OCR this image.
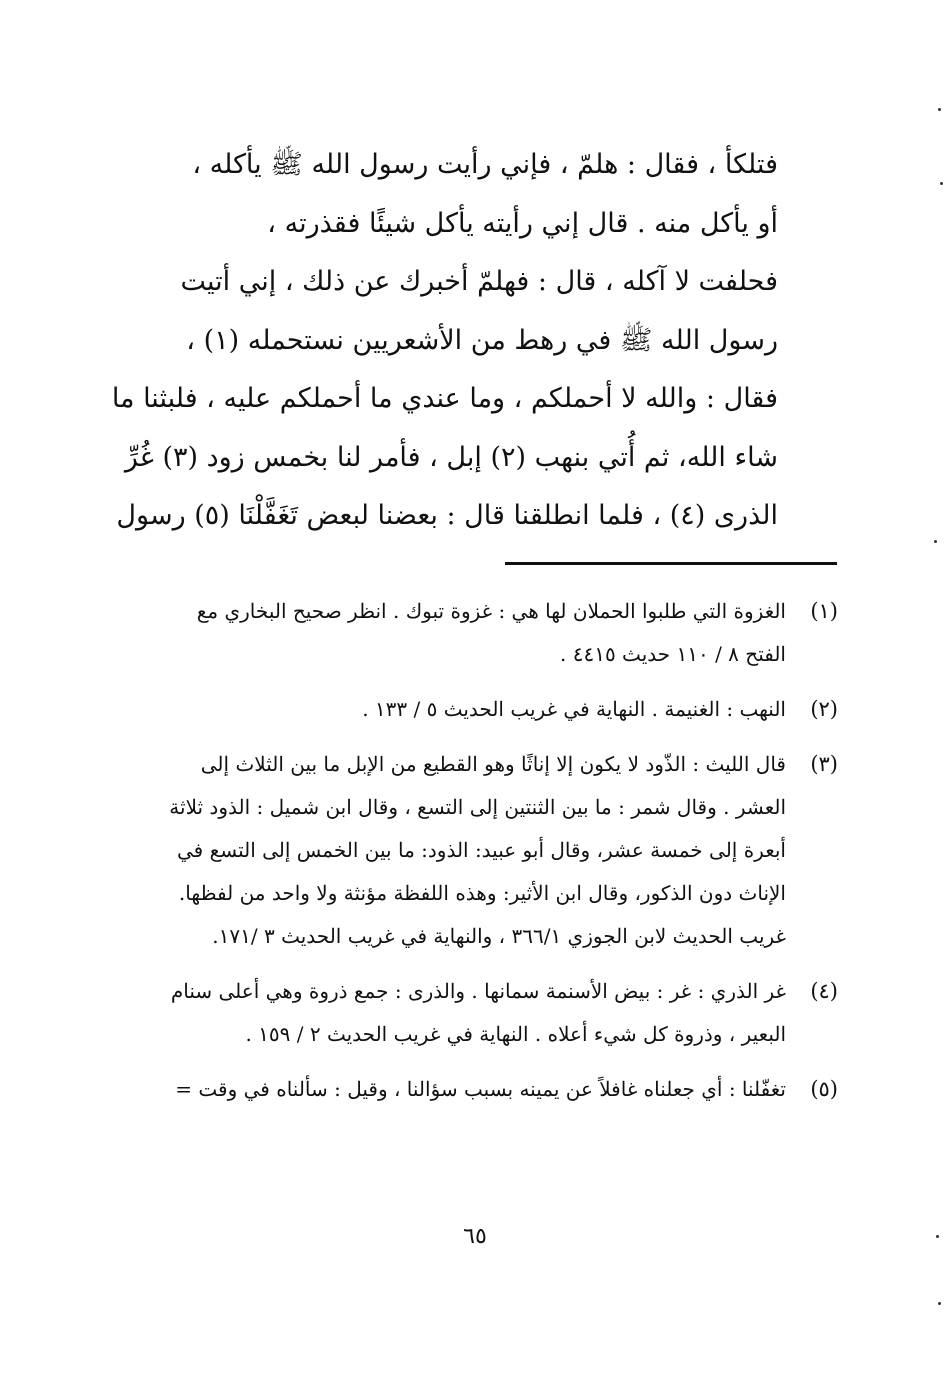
فتلكأ ، فقال : هلمّ ، فإني رأيت رسول الله ﷺ يأكله ،
أو يأكل منه . قال إني رأيته يأكل شيئًا فقذرته ،
فحلفت لا آكله ، قال : فهلمّ أخبرك عن ذلك ، إني أتيت
رسول الله ﷺ في رهط من الأشعريين نستحمله (١) ،
فقال : والله لا أحملكم ، وما عندي ما أحملكم عليه ، فلبثنا ما
شاء الله، ثم أُتي بنهب (٢) إبل ، فأمر لنا بخمس زود (٣) غُرِّ
الذرى (٤) ، فلما انطلقنا قال : بعضنا لبعض تَغَفَّلْنَا (٥) رسول
(١)
الغزوة التي طلبوا الحملان لها هي : غزوة تبوك . انظر صحيح البخاري مع
الفتح ٨ / ١١٠ حديث ٤٤١٥ .
(٢)
النهب : الغنيمة . النهاية في غريب الحديث ٥ / ١٣٣ .
(٣)
قال الليث : الذّود لا يكون إلا إناثًا وهو القطيع من الإبل ما بين الثلاث إلى
العشر . وقال شمر : ما بين الثنتين إلى التسع ، وقال ابن شميل : الذود ثلاثة
أبعرة إلى خمسة عشر، وقال أبو عبيد: الذود: ما بين الخمس إلى التسع في
الإناث دون الذكور، وقال ابن الأثير: وهذه اللفظة مؤنثة ولا واحد من لفظها.
غريب الحديث لابن الجوزي ٣٦٦/١ ، والنهاية في غريب الحديث ٣ /١٧١.
(٤)
غر الذري : غر : بيض الأسنمة سمانها . والذرى : جمع ذروة وهي أعلى سنام
البعير ، وذروة كل شيء أعلاه . النهاية في غريب الحديث ٢ / ١٥٩ .
(٥)
تغفّلنا : أي جعلناه غافلاً عن يمينه بسبب سؤالنا ، وقيل : سألناه في وقت =
٦٥
